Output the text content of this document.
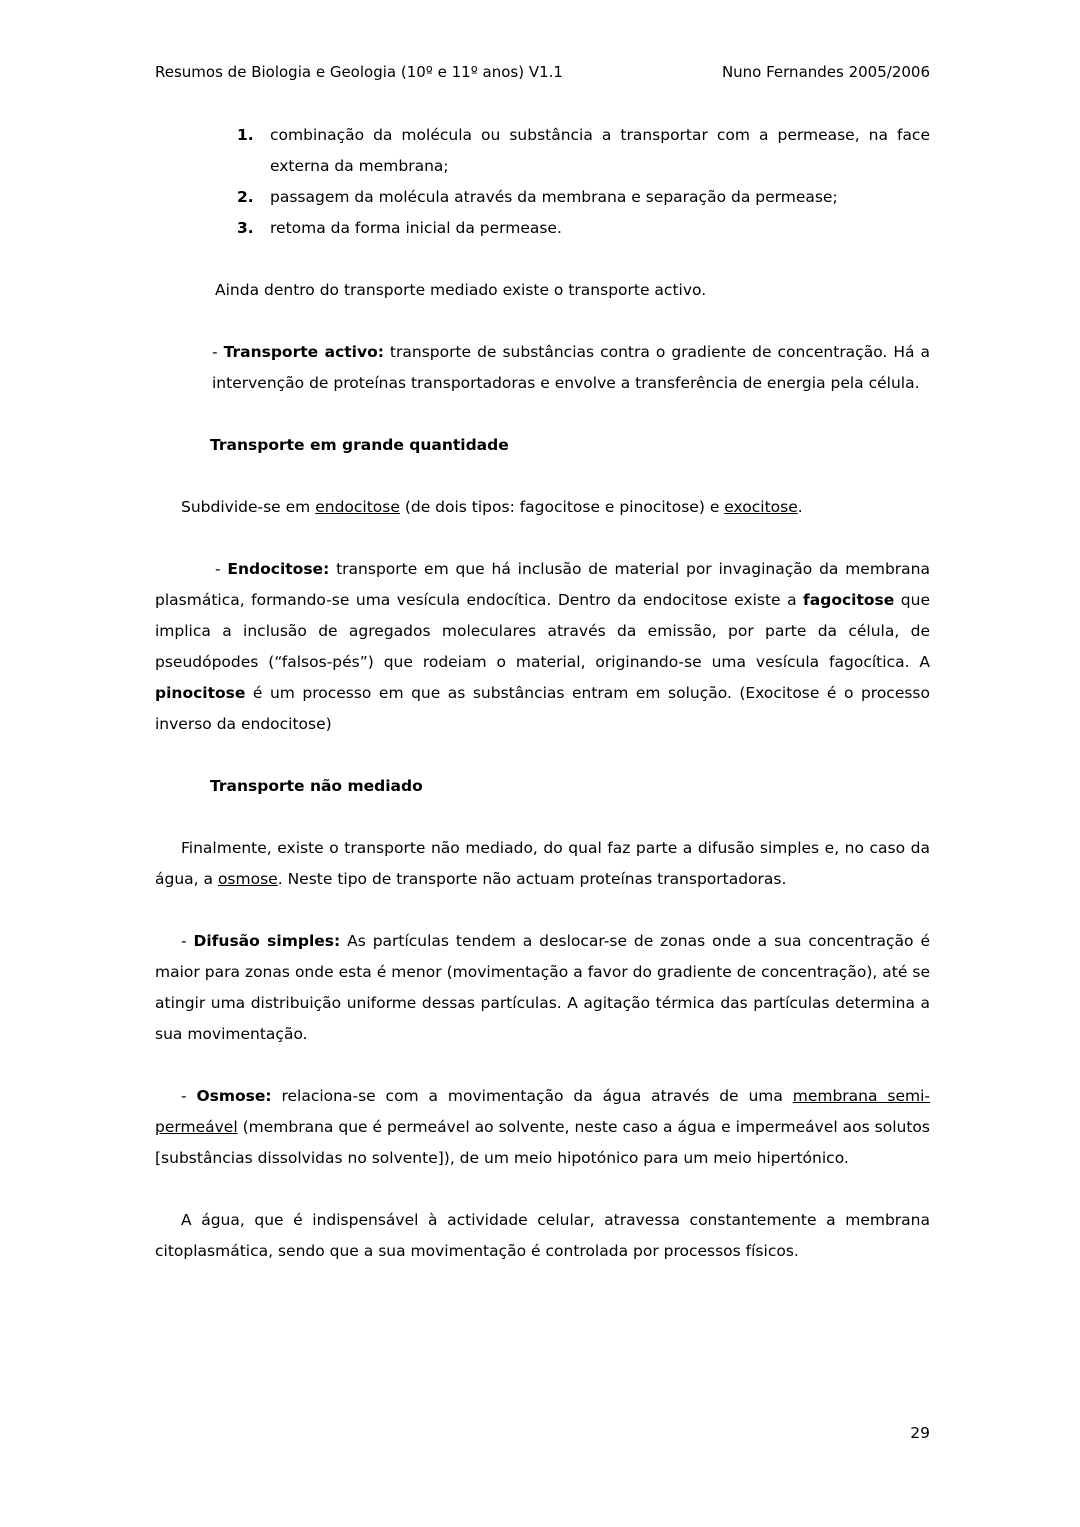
Resumos de Biologia e Geologia (10º e 11º anos) V1.1	Nuno Fernandes 2005/2006
1.	combinação da molécula ou substância a transportar com a permease, na face externa da membrana;
2.	passagem da molécula através da membrana e separação da permease;
3.	retoma da forma inicial da permease.

Ainda dentro do transporte mediado existe o transporte activo.

- Transporte activo: transporte de substâncias contra o gradiente de concentração. Há a intervenção de proteínas transportadoras e envolve a transferência de energia pela célula.

Transporte em grande quantidade

Subdivide-se em endocitose (de dois tipos: fagocitose e pinocitose) e exocitose.

- Endocitose: transporte em que há inclusão de material por invaginação da membrana plasmática, formando-se uma vesícula endocítica. Dentro da endocitose existe a fagocitose que implica a inclusão de agregados moleculares através da emissão, por parte da célula, de pseudópodes (“falsos-pés”) que rodeiam o material, originando-se uma vesícula fagocítica. A pinocitose é um processo em que as substâncias entram em solução. (Exocitose é o processo inverso da endocitose)

Transporte não mediado

Finalmente, existe o transporte não mediado, do qual faz parte a difusão simples e, no caso da água, a osmose. Neste tipo de transporte não actuam proteínas transportadoras.

- Difusão simples: As partículas tendem a deslocar-se de zonas onde a sua concentração é maior para zonas onde esta é menor (movimentação a favor do gradiente de concentração), até se atingir uma distribuição uniforme dessas partículas. A agitação térmica das partículas determina a sua movimentação.

- Osmose: relaciona-se com a movimentação da água através de uma membrana semi-permeável (membrana que é permeável ao solvente, neste caso a água e impermeável aos solutos [substâncias dissolvidas no solvente]), de um meio hipotónico para um meio hipertónico.

A água, que é indispensável à actividade celular, atravessa constantemente a membrana citoplasmática, sendo que a sua movimentação é controlada por processos físicos.

29
